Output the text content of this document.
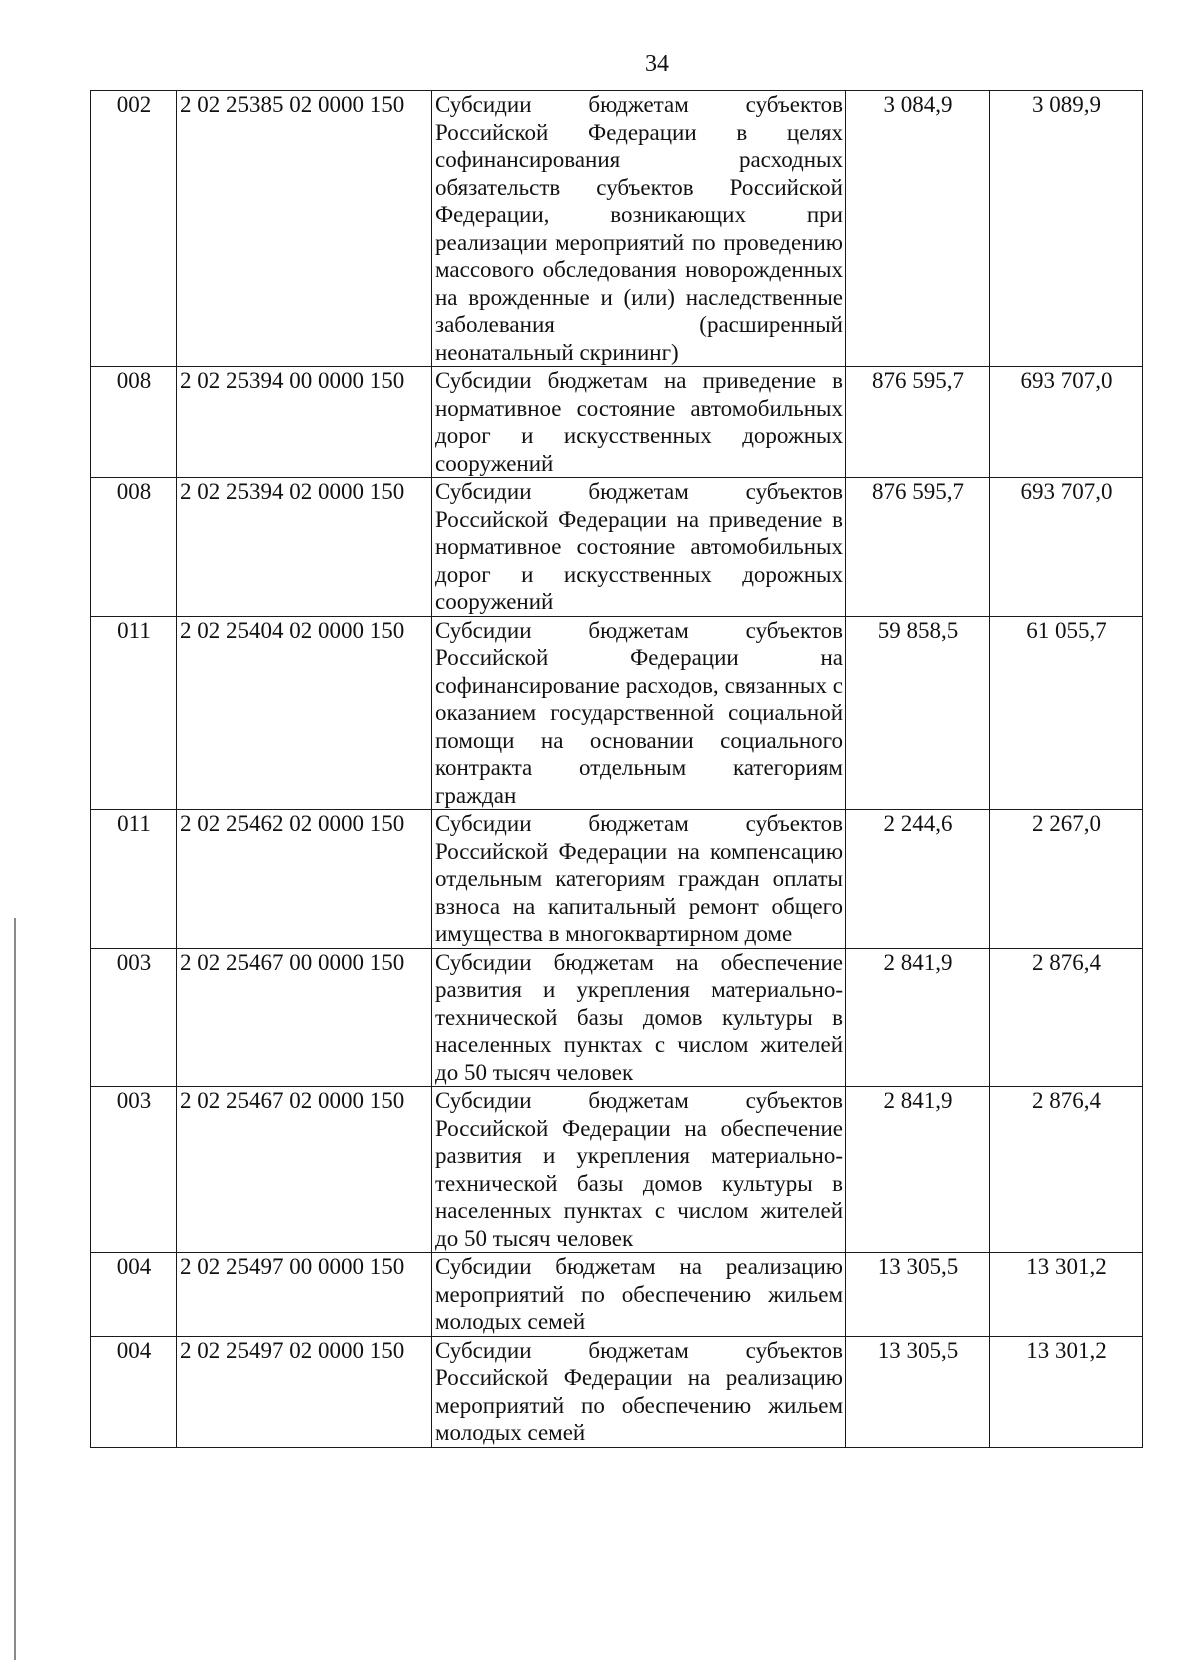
34
002	2 02 25385 02 0000 150	Субсидии бюджетам субъектов Российской Федерации в целях софинансирования расходных обязательств субъектов Российской Федерации, возникающих при реализации мероприятий по проведению массового обследования новорожденных на врожденные и (или) наследственные заболевания (расширенный неонатальный скрининг)	3 084,9	3 089,9
008	2 02 25394 00 0000 150	Субсидии бюджетам на приведение в нормативное состояние автомобильных дорог и искусственных дорожных сооружений	876 595,7	693 707,0
008	2 02 25394 02 0000 150	Субсидии бюджетам субъектов Российской Федерации на приведение в нормативное состояние автомобильных дорог и искусственных дорожных сооружений	876 595,7	693 707,0
011	2 02 25404 02 0000 150	Субсидии бюджетам субъектов Российской Федерации на софинансирование расходов, связанных с оказанием государственной социальной помощи на основании социального контракта отдельным категориям граждан	59 858,5	61 055,7
011	2 02 25462 02 0000 150	Субсидии бюджетам субъектов Российской Федерации на компенсацию отдельным категориям граждан оплаты взноса на капитальный ремонт общего имущества в многоквартирном доме	2 244,6	2 267,0
003	2 02 25467 00 0000 150	Субсидии бюджетам на обеспечение развития и укрепления материально-технической базы домов культуры в населенных пунктах с числом жителей до 50 тысяч человек	2 841,9	2 876,4
003	2 02 25467 02 0000 150	Субсидии бюджетам субъектов Российской Федерации на обеспечение развития и укрепления материально-технической базы домов культуры в населенных пунктах с числом жителей до 50 тысяч человек	2 841,9	2 876,4
004	2 02 25497 00 0000 150	Субсидии бюджетам на реализацию мероприятий по обеспечению жильем молодых семей	13 305,5	13 301,2
004	2 02 25497 02 0000 150	Субсидии бюджетам субъектов Российской Федерации на реализацию мероприятий по обеспечению жильем молодых семей	13 305,5	13 301,2
